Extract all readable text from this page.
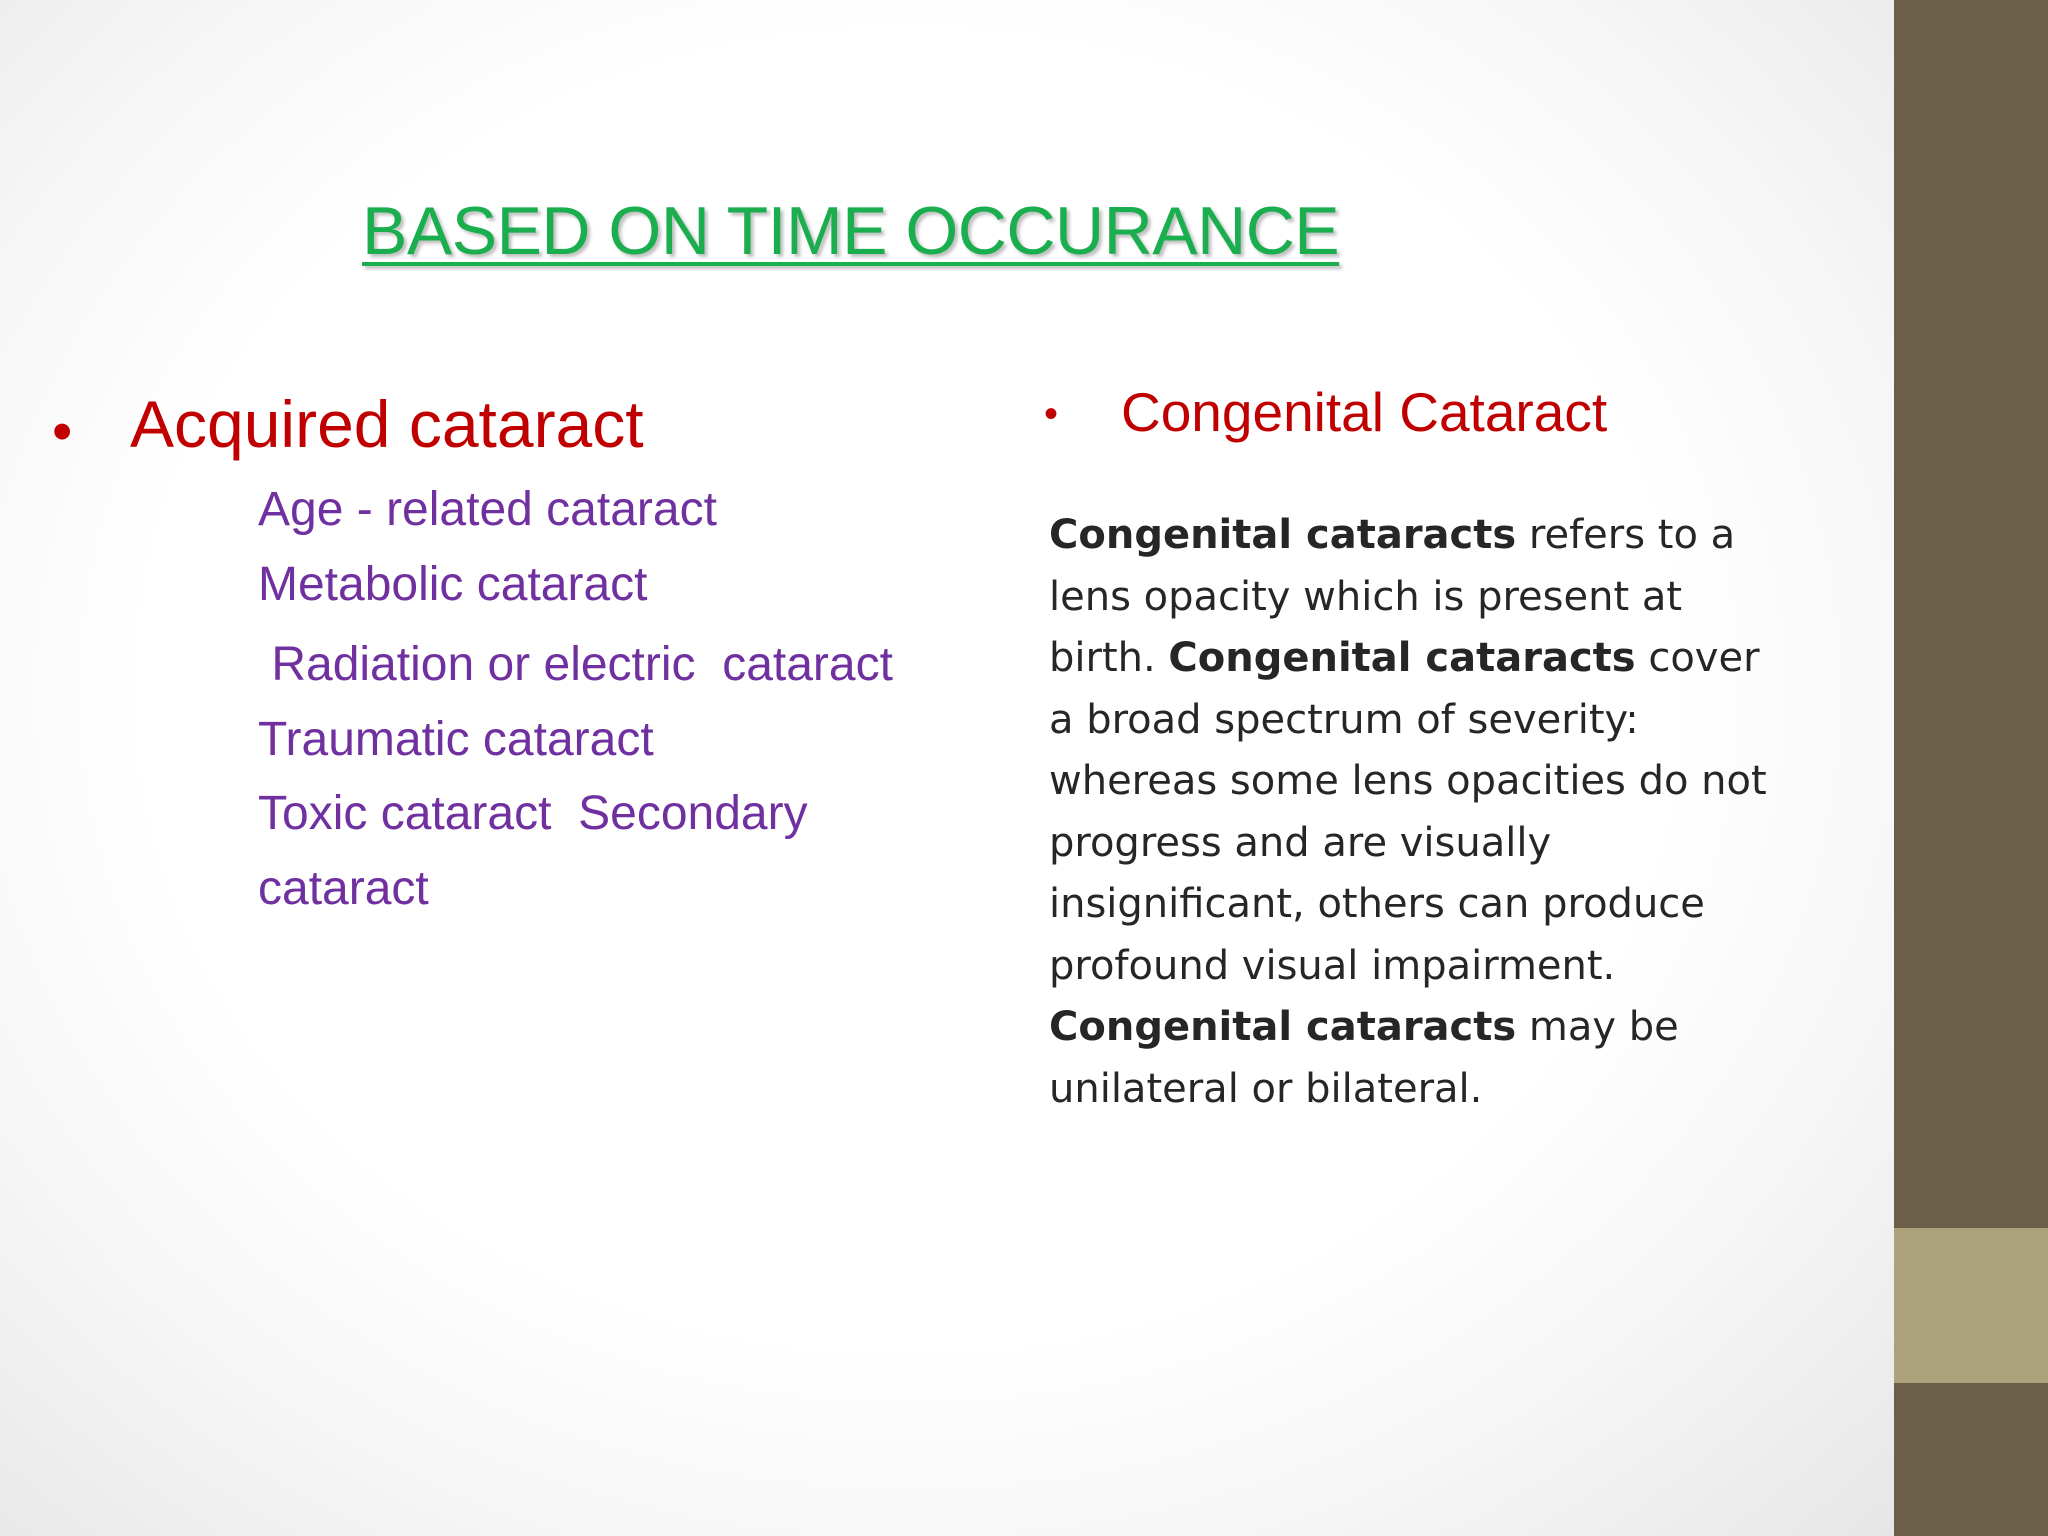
BASED ON TIME OCCURANCE
• Acquired cataract
Age - related cataract
Metabolic cataract
Radiation or electric  cataract
Traumatic cataract
Toxic cataract  Secondary
cataract
• Congenital Cataract
Congenital cataracts refers to a lens opacity which is present at birth. Congenital cataracts cover a broad spectrum of severity: whereas some lens opacities do not progress and are visually insignificant, others can produce profound visual impairment. Congenital cataracts may be unilateral or bilateral.
